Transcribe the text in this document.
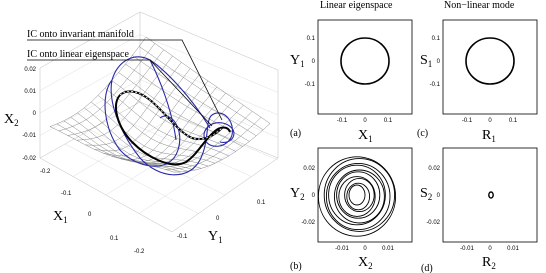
IC onto invariant manifold
IC onto linear eigenspace
0.02
0.01
0
-0.01
-0.02
$X_2$
-0.2
-0.1
0
0.1
$X_1$
-0.2
-0.1
0
0.1
$Y_1$
Linear eigenspace	Non−linear mode
0.1
0
-0.1
-0.1	0	0.1
$Y_1$
$X_1$
(a)
0.1
0
-0.1
-0.1	0	0.1
$S_1$
$R_1$
(c)
0.02
0
-0.02
-0.01 0	0.01
$Y_2$
$X_2$
(b)
0.02
0
-0.02
-0.01 0	0.01
$S_2$
$R_2$
(d)
